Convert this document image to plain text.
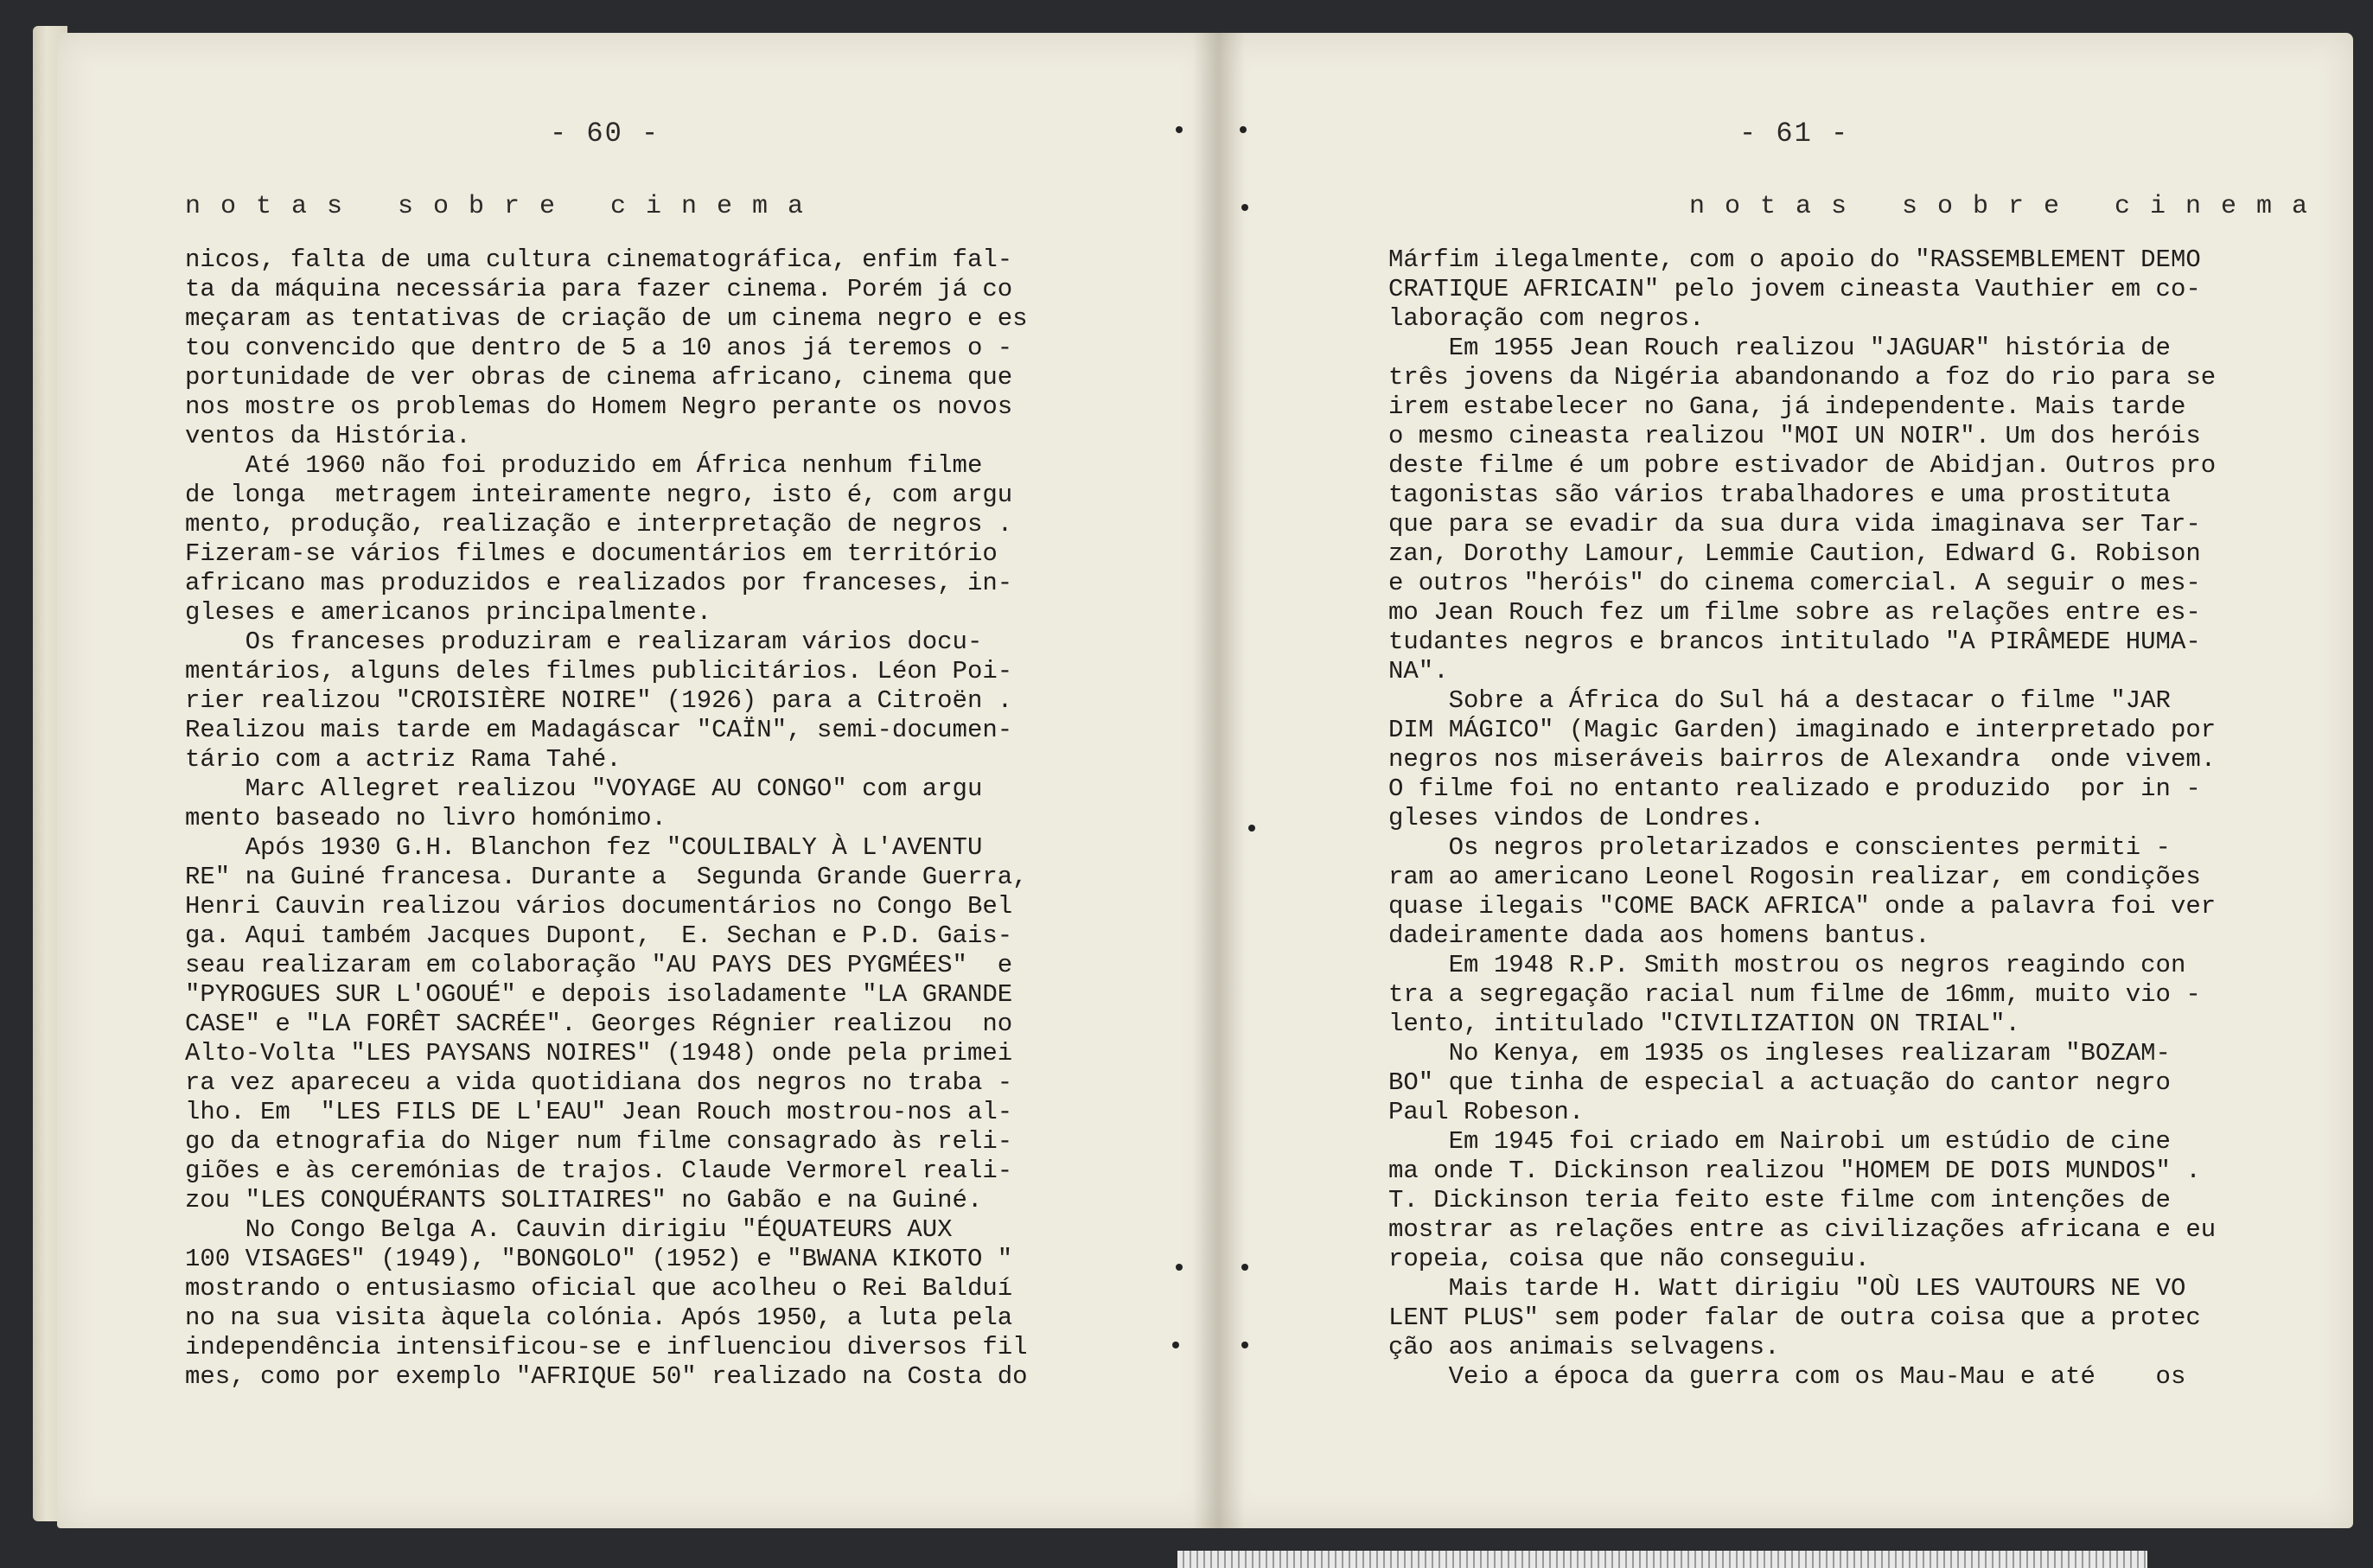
- 60 -
notas sobre cinema
nicos, falta de uma cultura cinematográfica, enfim fal-
ta da máquina necessária para fazer cinema. Porém já co
meçaram as tentativas de criação de um cinema negro e es
tou convencido que dentro de 5 a 10 anos já teremos o -
portunidade de ver obras de cinema africano, cinema que
nos mostre os problemas do Homem Negro perante os novos
ventos da História.
Até 1960 não foi produzido em África nenhum filme
de longa  metragem inteiramente negro, isto é, com argu
mento, produção, realização e interpretação de negros .
Fizeram-se vários filmes e documentários em território
africano mas produzidos e realizados por franceses, in-
gleses e americanos principalmente.
Os franceses produziram e realizaram vários docu-
mentários, alguns deles filmes publicitários. Léon Poi-
rier realizou "CROISIÈRE NOIRE" (1926) para a Citroën .
Realizou mais tarde em Madagáscar "CAÏN", semi-documen-
tário com a actriz Rama Tahé.
Marc Allegret realizou "VOYAGE AU CONGO" com argu
mento baseado no livro homónimo.
Após 1930 G.H. Blanchon fez "COULIBALY À L'AVENTU
RE" na Guiné francesa. Durante a  Segunda Grande Guerra,
Henri Cauvin realizou vários documentários no Congo Bel
ga. Aqui também Jacques Dupont,  E. Sechan e P.D. Gais-
seau realizaram em colaboração "AU PAYS DES PYGMÉES"  e
"PYROGUES SUR L'OGOUÉ" e depois isoladamente "LA GRANDE
CASE" e "LA FORÊT SACRÉE". Georges Régnier realizou  no
Alto-Volta "LES PAYSANS NOIRES" (1948) onde pela primei
ra vez apareceu a vida quotidiana dos negros no traba -
lho. Em  "LES FILS DE L'EAU" Jean Rouch mostrou-nos al-
go da etnografia do Niger num filme consagrado às reli-
giões e às ceremónias de trajos. Claude Vermorel reali-
zou "LES CONQUÉRANTS SOLITAIRES" no Gabão e na Guiné.
No Congo Belga A. Cauvin dirigiu "ÉQUATEURS AUX
100 VISAGES" (1949), "BONGOLO" (1952) e "BWANA KIKOTO "
mostrando o entusiasmo oficial que acolheu o Rei Balduí
no na sua visita àquela colónia. Após 1950, a luta pela
independência intensificou-se e influenciou diversos fil
mes, como por exemplo "AFRIQUE 50" realizado na Costa do
- 61 -
notas sobre cinema
Márfim ilegalmente, com o apoio do "RASSEMBLEMENT DEMO
CRATIQUE AFRICAIN" pelo jovem cineasta Vauthier em co-
laboração com negros.
Em 1955 Jean Rouch realizou "JAGUAR" história de
três jovens da Nigéria abandonando a foz do rio para se
irem estabelecer no Gana, já independente. Mais tarde
o mesmo cineasta realizou "MOI UN NOIR". Um dos heróis
deste filme é um pobre estivador de Abidjan. Outros pro
tagonistas são vários trabalhadores e uma prostituta
que para se evadir da sua dura vida imaginava ser Tar-
zan, Dorothy Lamour, Lemmie Caution, Edward G. Robison
e outros "heróis" do cinema comercial. A seguir o mes-
mo Jean Rouch fez um filme sobre as relações entre es-
tudantes negros e brancos intitulado "A PIRÂMEDE HUMA-
NA".
Sobre a África do Sul há a destacar o filme "JAR
DIM MÁGICO" (Magic Garden) imaginado e interpretado por
negros nos miseráveis bairros de Alexandra  onde vivem.
O filme foi no entanto realizado e produzido  por in -
gleses vindos de Londres.
Os negros proletarizados e conscientes permiti -
ram ao americano Leonel Rogosin realizar, em condições
quase ilegais "COME BACK AFRICA" onde a palavra foi ver
dadeiramente dada aos homens bantus.
Em 1948 R.P. Smith mostrou os negros reagindo con
tra a segregação racial num filme de 16mm, muito vio -
lento, intitulado "CIVILIZATION ON TRIAL".
No Kenya, em 1935 os ingleses realizaram "BOZAM-
BO" que tinha de especial a actuação do cantor negro
Paul Robeson.
Em 1945 foi criado em Nairobi um estúdio de cine
ma onde T. Dickinson realizou "HOMEM DE DOIS MUNDOS" .
T. Dickinson teria feito este filme com intenções de
mostrar as relações entre as civilizações africana e eu
ropeia, coisa que não conseguiu.
Mais tarde H. Watt dirigiu "OÙ LES VAUTOURS NE VO
LENT PLUS" sem poder falar de outra coisa que a protec
ção aos animais selvagens.
Veio a época da guerra com os Mau-Mau e até    os
